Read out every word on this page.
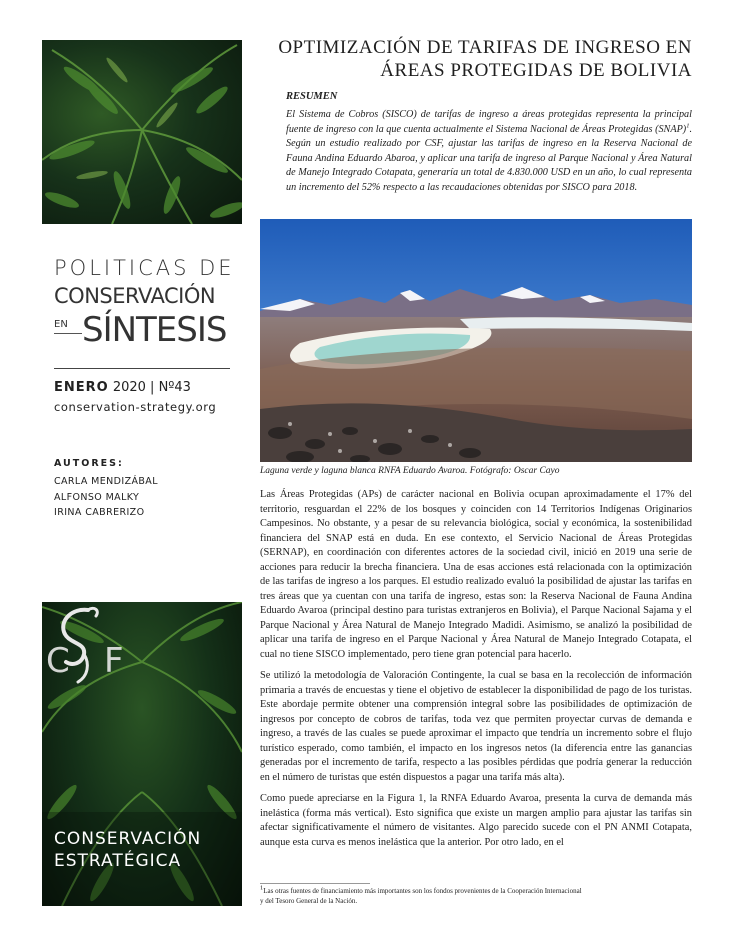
POLITICAS DE
CONSERVACIÓN
EN SÍNTESIS
ENERO 2020 | Nº43
conservation-strategy.org
AUTORES:
CARLA MENDIZÁBAL
ALFONSO MALKY
IRINA CABRERIZO
C F
CONSERVACIÓN
ESTRATÉGICA
OPTIMIZACIÓN DE TARIFAS DE INGRESO EN
ÁREAS PROTEGIDAS DE BOLIVIA
RESUMEN

El Sistema de Cobros (SISCO) de tarifas de ingreso a áreas protegidas representa la principal fuente de ingreso con la que cuenta actualmente el Sistema Nacional de Áreas Protegidas (SNAP)$^1$. Según un estudio realizado por CSF, ajustar las tarifas de ingreso en la Reserva Nacional de Fauna Andina Eduardo Abaroa, y aplicar una tarifa de ingreso al Parque Nacional y Área Natural de Manejo Integrado Cotapata, generaría un total de 4.830.000 USD en un año, lo cual representa un incremento del 52% respecto a las recaudaciones obtenidas por SISCO para 2018.

Laguna verde y laguna blanca RNFA Eduardo Avaroa. Fotógrafo: Oscar Cayo

Las Áreas Protegidas (APs) de carácter nacional en Bolivia ocupan aproximadamente el 17% del territorio, resguardan el 22% de los bosques y coinciden con 14 Territorios Indígenas Originarios Campesinos. No obstante, y a pesar de su relevancia biológica, social y económica, la sostenibilidad financiera del SNAP está en duda. En ese contexto, el Servicio Nacional de Áreas Protegidas (SERNAP), en coordinación con diferentes actores de la sociedad civil, inició en 2019 una serie de acciones para reducir la brecha financiera. Una de esas acciones está relacionada con la optimización de las tarifas de ingreso a los parques. El estudio realizado evaluó la posibilidad de ajustar las tarifas en tres áreas que ya cuentan con una tarifa de ingreso, estas son: la Reserva Nacional de Fauna Andina Eduardo Avaroa (principal destino para turistas extranjeros en Bolivia), el Parque Nacional Sajama y el Parque Nacional y Área Natural de Manejo Integrado Madidi. Asimismo, se analizó la posibilidad de aplicar una tarifa de ingreso en el Parque Nacional y Área Natural de Manejo Integrado Cotapata, el cual no tiene SISCO implementado, pero tiene gran potencial para hacerlo.

Se utilizó la metodología de Valoración Contingente, la cual se basa en la recolección de información primaria a través de encuestas y tiene el objetivo de establecer la disponibilidad de pago de los turistas. Este abordaje permite obtener una comprensión integral sobre las posibilidades de optimización de ingresos por concepto de cobros de tarifas, toda vez que permiten proyectar curvas de demanda e ingreso, a través de las cuales se puede aproximar el impacto que tendría un incremento sobre el flujo turístico esperado, como también, el impacto en los ingresos netos (la diferencia entre las ganancias generadas por el incremento de tarifa, respecto a las posibles pérdidas que podría generar la reducción en el número de turistas que estén dispuestos a pagar una tarifa más alta).

Como puede apreciarse en la Figura 1, la RNFA Eduardo Avaroa, presenta la curva de demanda más inelástica (forma más vertical). Esto significa que existe un margen amplio para ajustar las tarifas sin afectar significativamente el número de visitantes. Algo parecido sucede con el PN ANMI Cotapata, aunque esta curva es menos inelástica que la anterior. Por otro lado, en el

$^1$Las otras fuentes de financiamiento más importantes son los fondos provenientes de la Cooperación Internacional
y del Tesoro General de la Nación.
